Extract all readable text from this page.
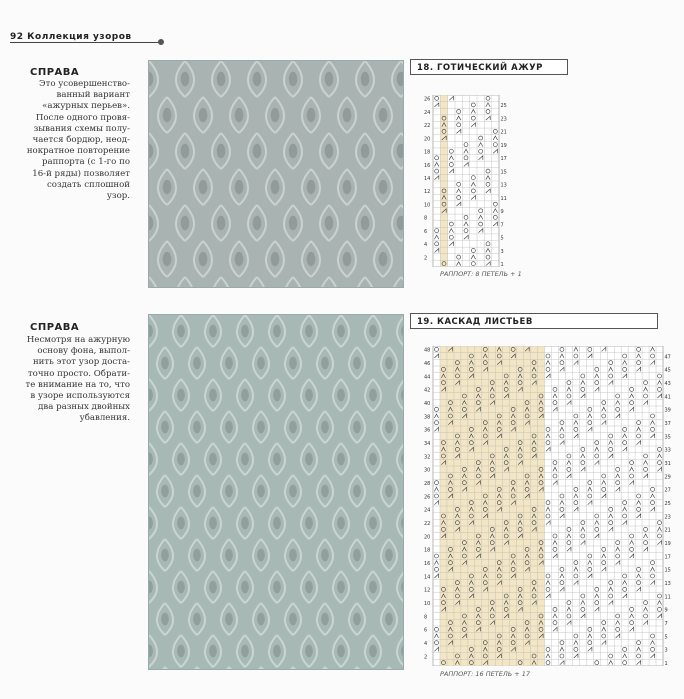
92 Коллекция узоров
СПРАВА
Это усовершенство-
ванный вариант
«ажурных перьев».
После одного провя-
зывания схемы полу-
чается бордюр, неод-
нократное повторение
раппорта (с 1-го по
16-й ряды) позволяет
создать сплошной
узор.
18. ГОТИЧЕСКИЙ АЖУР
26
24
22
20
18
16
14
12
10
8
6
4
2
25
23
21
19
17
15
13
11
9
7
5
3
1
РАППОРТ: 8 ПЕТЕЛЬ + 1
СПРАВА
Несмотря на ажурную
основу фона, выпол-
нить этот узор доста-
точно просто. Обрати-
те внимание на то, что
в узоре используются
два разных двойных
убавления.
19. КАСКАД ЛИСТЬЕВ
48
46
44
42
40
38
36
34
32
30
28
26
24
22
20
18
16
14
12
10
8
6
4
2
47
45
43
41
39
37
35
33
31
29
27
25
23
21
19
17
15
13
11
9
7
5
3
1
РАППОРТ: 16 ПЕТЕЛЬ + 17
